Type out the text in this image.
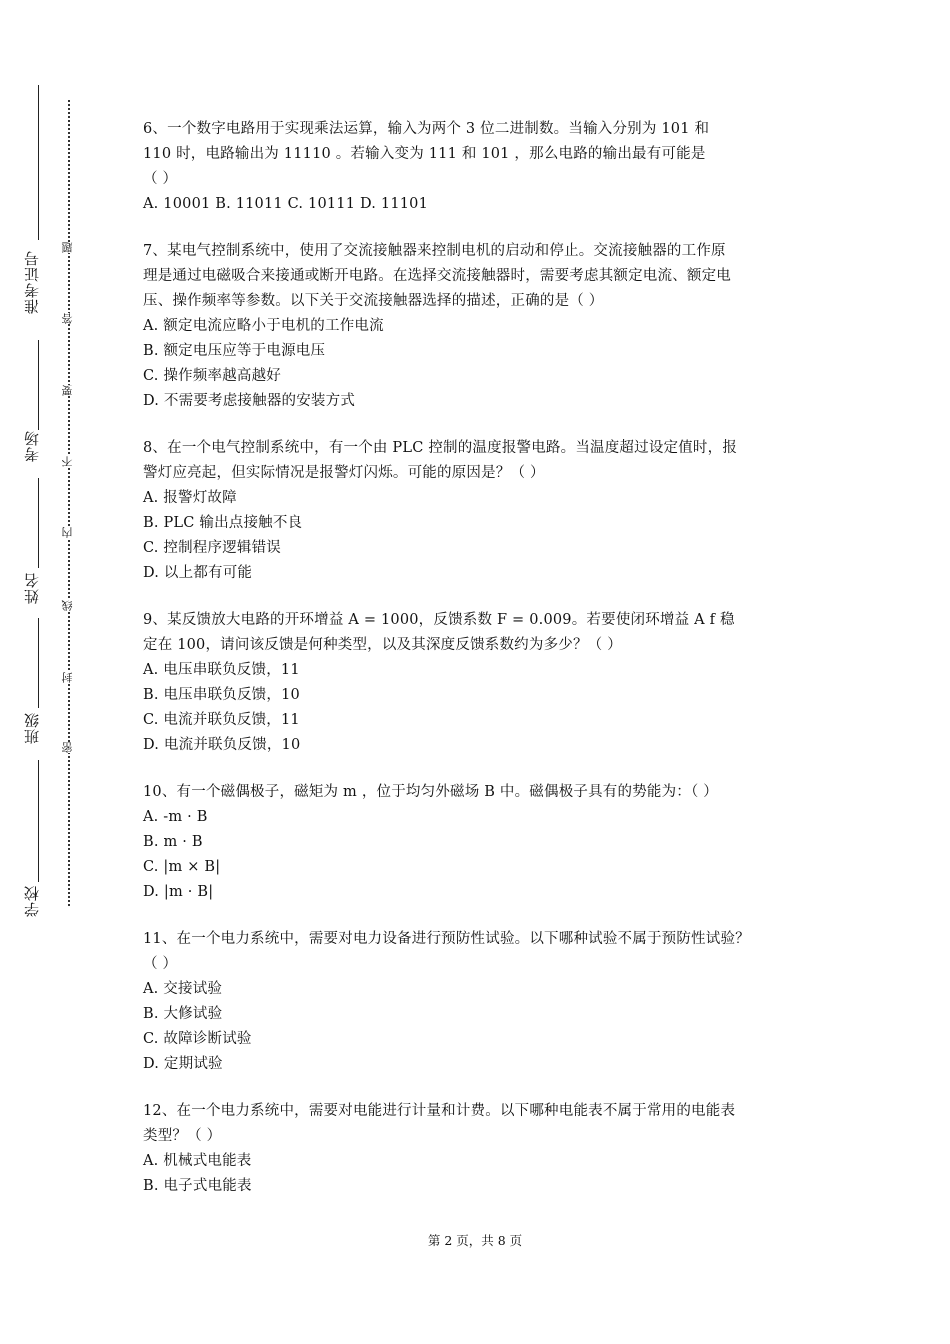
准考证号
考场
姓名
班级
学校
题
答
要
不
内
线
封
密
6、一个数字电路用于实现乘法运算，输入为两个 3 位二进制数。当输入分别为 101 和
110 时，电路输出为 11110 。若输入变为 111 和 101 ，那么电路的输出最有可能是
（ ）
A. 10001 B. 11011 C. 10111 D. 11101
7、某电气控制系统中，使用了交流接触器来控制电机的启动和停止。交流接触器的工作原
理是通过电磁吸合来接通或断开电路。在选择交流接触器时，需要考虑其额定电流、额定电
压、操作频率等参数。以下关于交流接触器选择的描述，正确的是（ ）
A. 额定电流应略小于电机的工作电流
B. 额定电压应等于电源电压
C. 操作频率越高越好
D. 不需要考虑接触器的安装方式
8、在一个电气控制系统中，有一个由 PLC 控制的温度报警电路。当温度超过设定值时，报
警灯应亮起，但实际情况是报警灯闪烁。可能的原因是？（ ）
A. 报警灯故障
B. PLC 输出点接触不良
C. 控制程序逻辑错误
D. 以上都有可能
9、某反馈放大电路的开环增益 A = 1000，反馈系数 F = 0.009。若要使闭环增益 A f 稳
定在 100，请问该反馈是何种类型，以及其深度反馈系数约为多少？（ ）
A. 电压串联负反馈，11
B. 电压串联负反馈，10
C. 电流并联负反馈，11
D. 电流并联负反馈，10
10、有一个磁偶极子，磁矩为 m ，位于均匀外磁场 B 中。磁偶极子具有的势能为：（ ）
A. -m · B
B. m · B
C. |m × B|
D. |m · B|
11、在一个电力系统中，需要对电力设备进行预防性试验。以下哪种试验不属于预防性试验？
（ ）
A. 交接试验
B. 大修试验
C. 故障诊断试验
D. 定期试验
12、在一个电力系统中，需要对电能进行计量和计费。以下哪种电能表不属于常用的电能表
类型？（ ）
A. 机械式电能表
B. 电子式电能表
第 2 页，共 8 页
